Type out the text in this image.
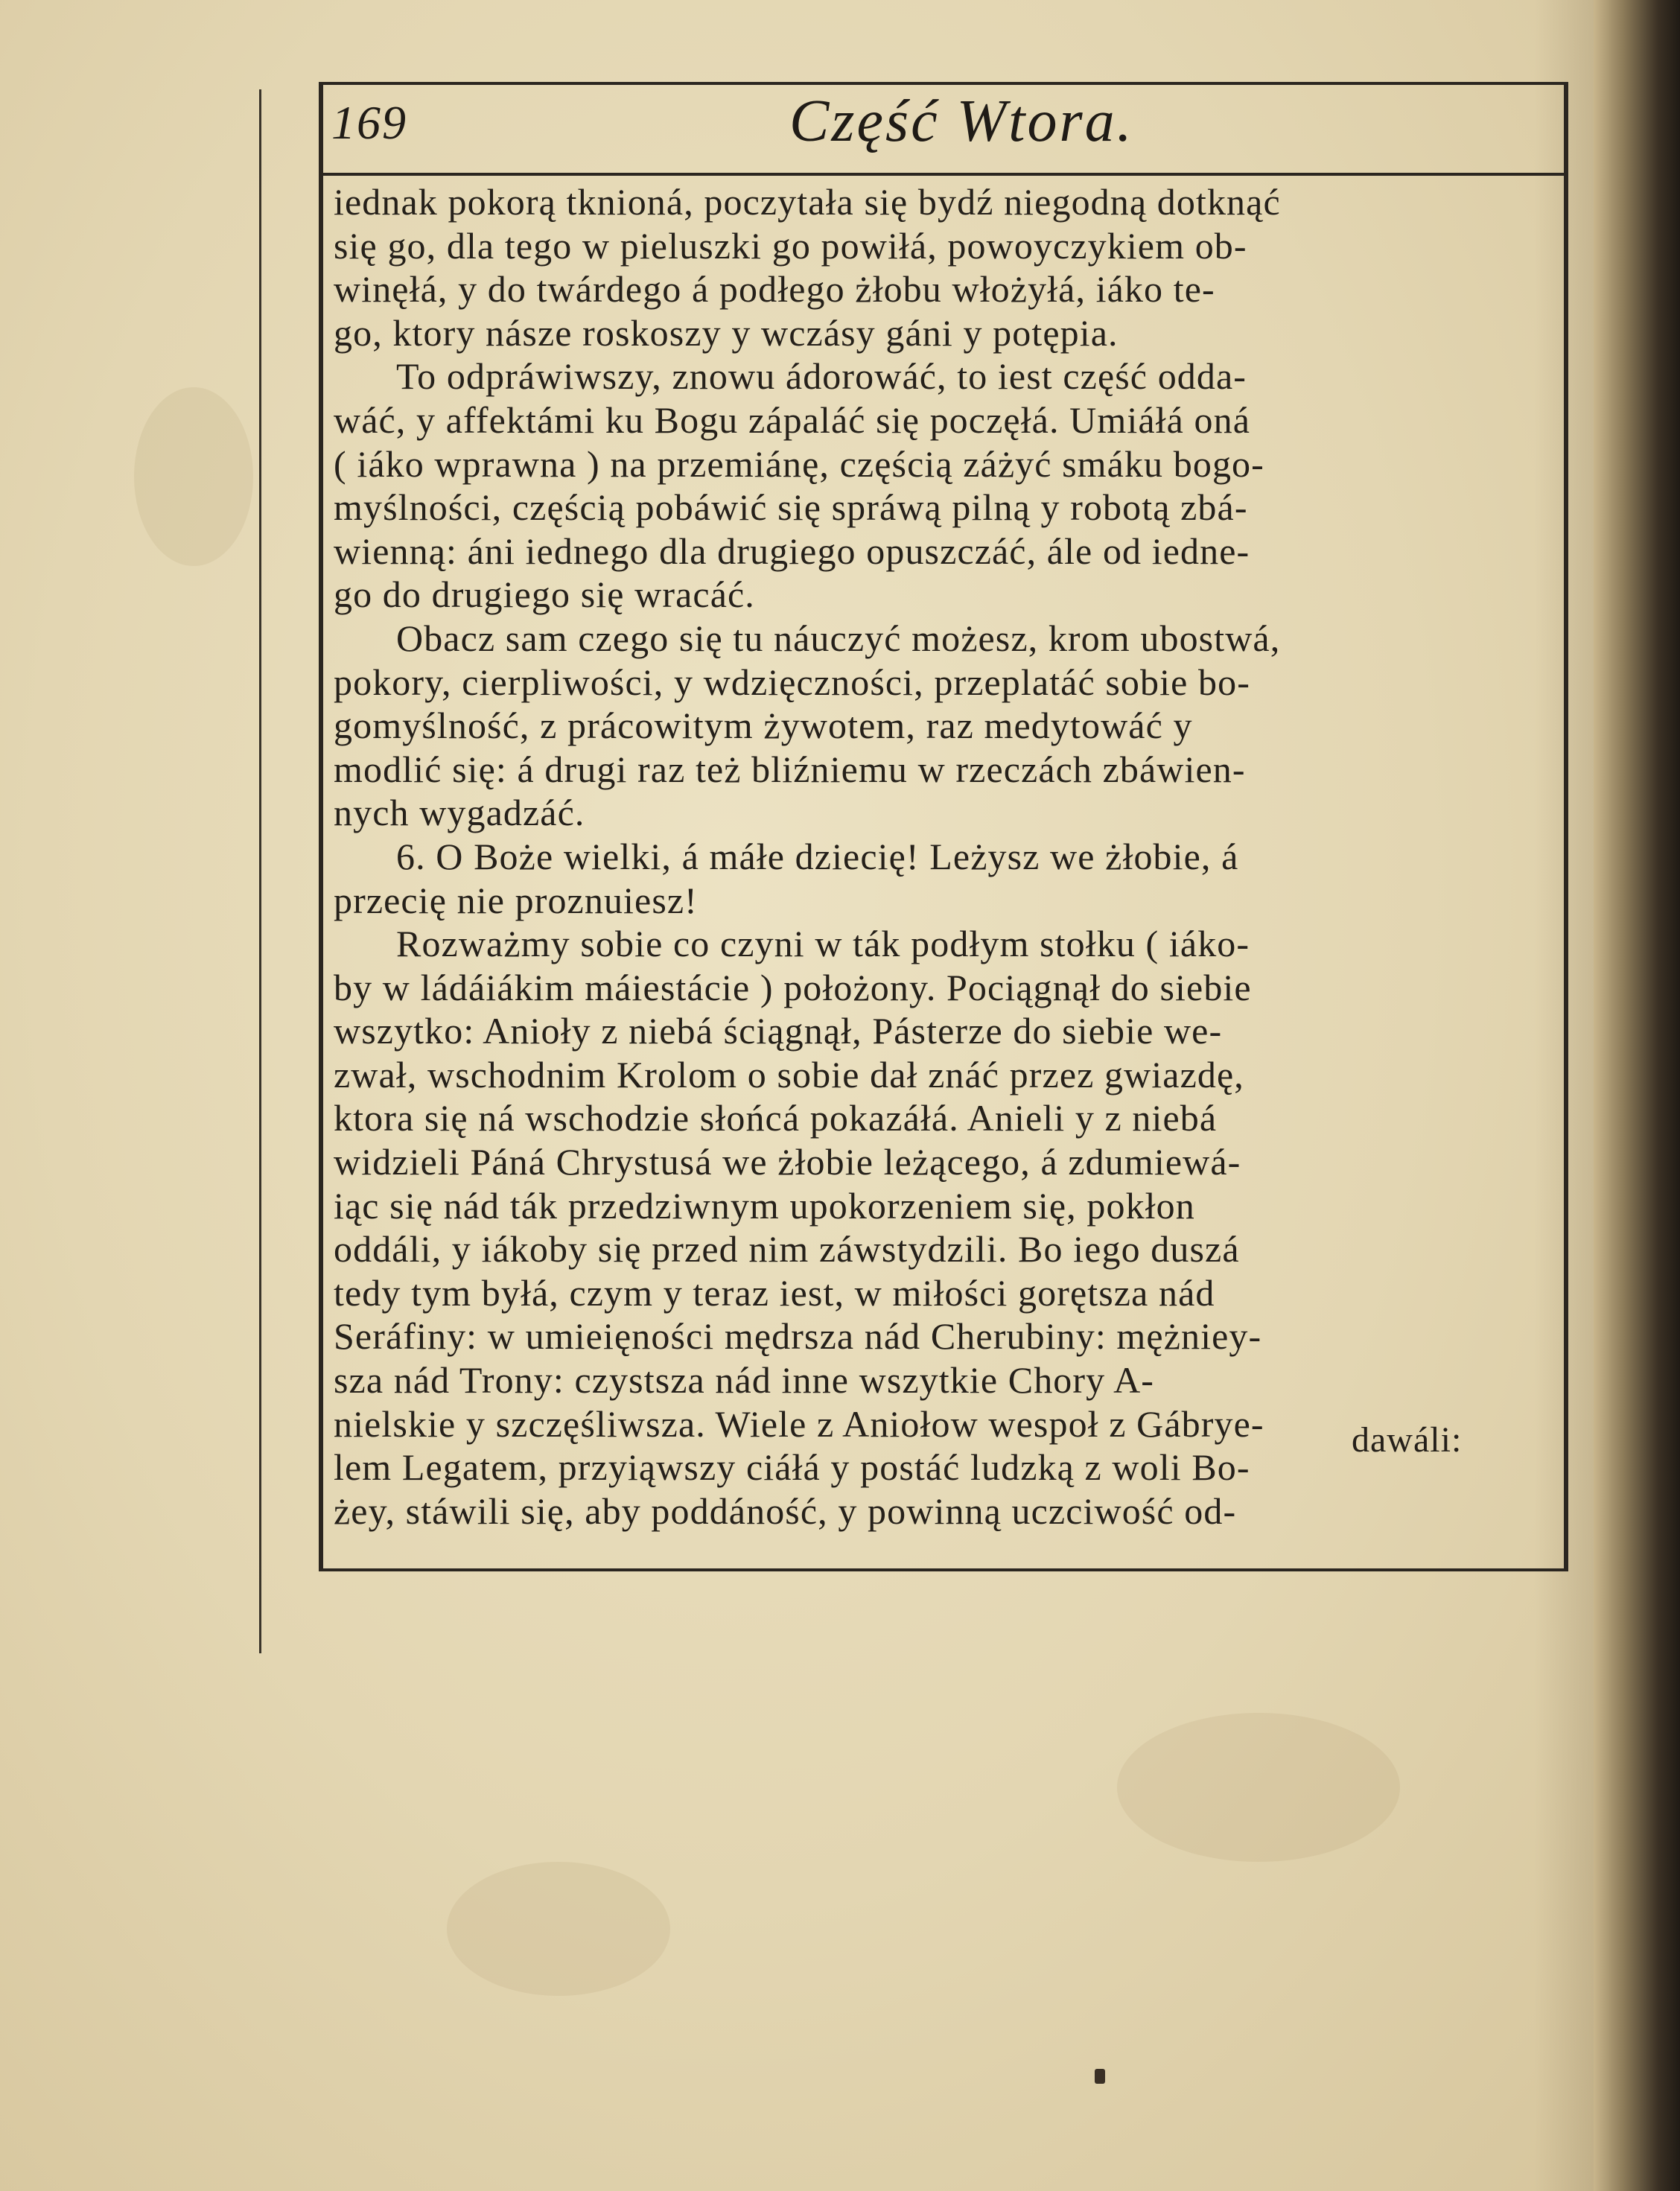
169	Część Wtora.
iednak pokorą tknioná, poczytała się bydź niegodną dotknąć
się go, dla tego w pieluszki go powiłá, powoyczykiem ob-
winęłá, y do twárdego á podłego żłobu włożyłá, iáko te-
go, ktory násze roskoszy y wczásy gáni y potępia.
To odpráwiwszy, znowu ádorowáć, to iest część odda-
wáć, y affektámi ku Bogu zápaláć się poczęłá. Umiáłá oná
( iáko wprawna ) na przemiánę, częścią záżyć smáku bogo-
myślności, częścią pobáwić się spráwą pilną y robotą zbá-
wienną: áni iednego dla drugiego opuszczáć, ále od iedne-
go do drugiego się wracáć.
Obacz sam czego się tu náuczyć możesz, krom ubostwá,
pokory, cierpliwości, y wdzięczności, przeplatáć sobie bo-
gomyślność, z prácowitym żywotem, raz medytowáć y
modlić się: á drugi raz też bliźniemu w rzeczách zbáwien-
nych wygadzáć.
6. O Boże wielki, á máłe dziecię! Leżysz we żłobie, á
przecię nie proznuiesz!
Rozważmy sobie co czyni w ták podłym stołku ( iáko-
by w ládáiákim máiestácie ) położony. Pociągnął do siebie
wszytko: Anioły z niebá ściągnął, Pásterze do siebie we-
zwał, wschodnim Krolom o sobie dał znáć przez gwiazdę,
ktora się ná wschodzie słońcá pokazáłá. Anieli y z niebá
widzieli Páná Chrystusá we żłobie leżącego, á zdumiewá-
iąc się nád ták przedziwnym upokorzeniem się, pokłon
oddáli, y iákoby się przed nim záwstydzili. Bo iego duszá
tedy tym byłá, czym y teraz iest, w miłości gorętsza nád
Seráfiny: w umieięności mędrsza nád Cherubiny: mężniey-
sza nád Trony: czystsza nád inne wszytkie Chory A-
nielskie y szczęśliwsza. Wiele z Aniołow wespoł z Gábrye-
lem Legatem, przyiąwszy ciáłá y postáć ludzką z woli Bo-
żey, stáwili się, aby poddáność, y powinną uczciwość od-
dawáli:
